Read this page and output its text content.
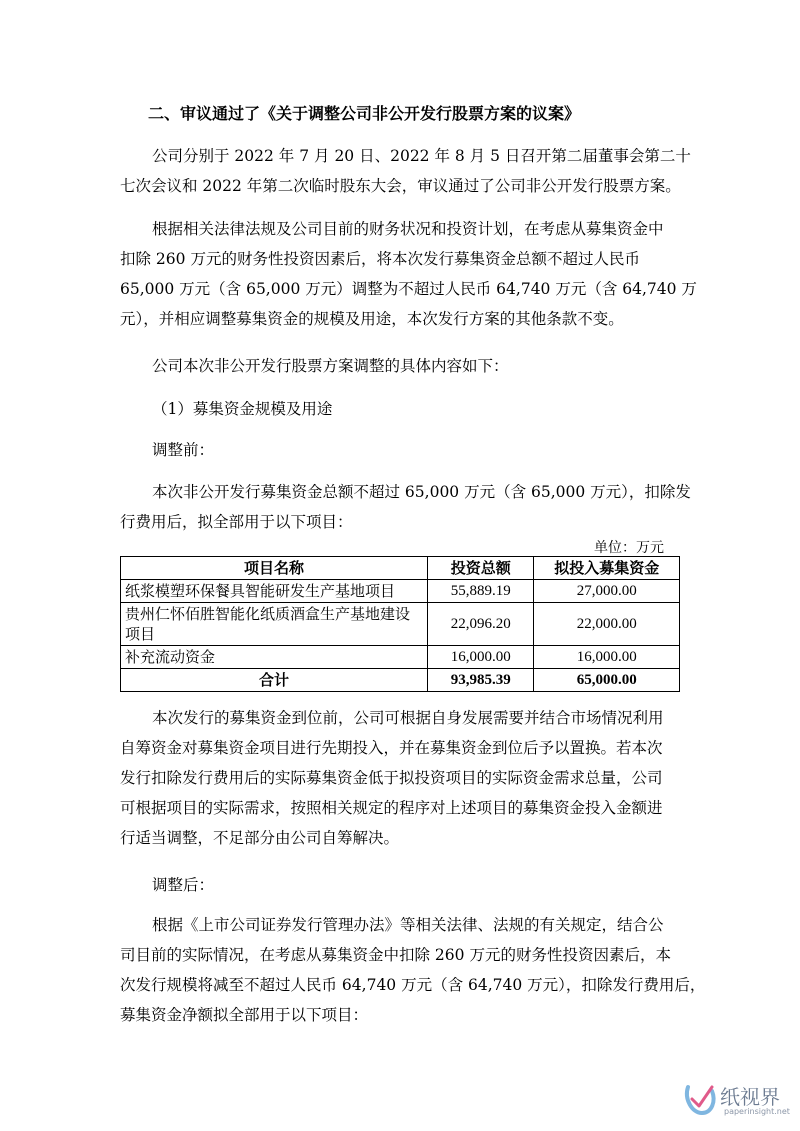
二、审议通过了《关于调整公司非公开发行股票方案的议案》
公司分别于 2022 年 7 月 20 日、2022 年 8 月 5 日召开第二届董事会第二十
七次会议和 2022 年第二次临时股东大会，审议通过了公司非公开发行股票方案。
根据相关法律法规及公司目前的财务状况和投资计划，在考虑从募集资金中
扣除 260 万元的财务性投资因素后，将本次发行募集资金总额不超过人民币
65,000 万元（含 65,000 万元）调整为不超过人民币 64,740 万元（含 64,740 万
元），并相应调整募集资金的规模及用途，本次发行方案的其他条款不变。
公司本次非公开发行股票方案调整的具体内容如下：
（1）募集资金规模及用途
调整前：
本次非公开发行募集资金总额不超过 65,000 万元（含 65,000 万元），扣除发
行费用后，拟全部用于以下项目：
单位：万元
项目名称	投资总额	拟投入募集资金
纸浆模塑环保餐具智能研发生产基地项目	55,889.19	27,000.00
贵州仁怀佰胜智能化纸质酒盒生产基地建设项目	22,096.20	22,000.00
补充流动资金	16,000.00	16,000.00
合计	93,985.39	65,000.00
本次发行的募集资金到位前，公司可根据自身发展需要并结合市场情况利用
自筹资金对募集资金项目进行先期投入，并在募集资金到位后予以置换。若本次
发行扣除发行费用后的实际募集资金低于拟投资项目的实际资金需求总量，公司
可根据项目的实际需求，按照相关规定的程序对上述项目的募集资金投入金额进
行适当调整，不足部分由公司自筹解决。
调整后：
根据《上市公司证券发行管理办法》等相关法律、法规的有关规定，结合公
司目前的实际情况，在考虑从募集资金中扣除 260 万元的财务性投资因素后，本
次发行规模将减至不超过人民币 64,740 万元（含 64,740 万元），扣除发行费用后，
募集资金净额拟全部用于以下项目：
纸视界
paperinsight.net
